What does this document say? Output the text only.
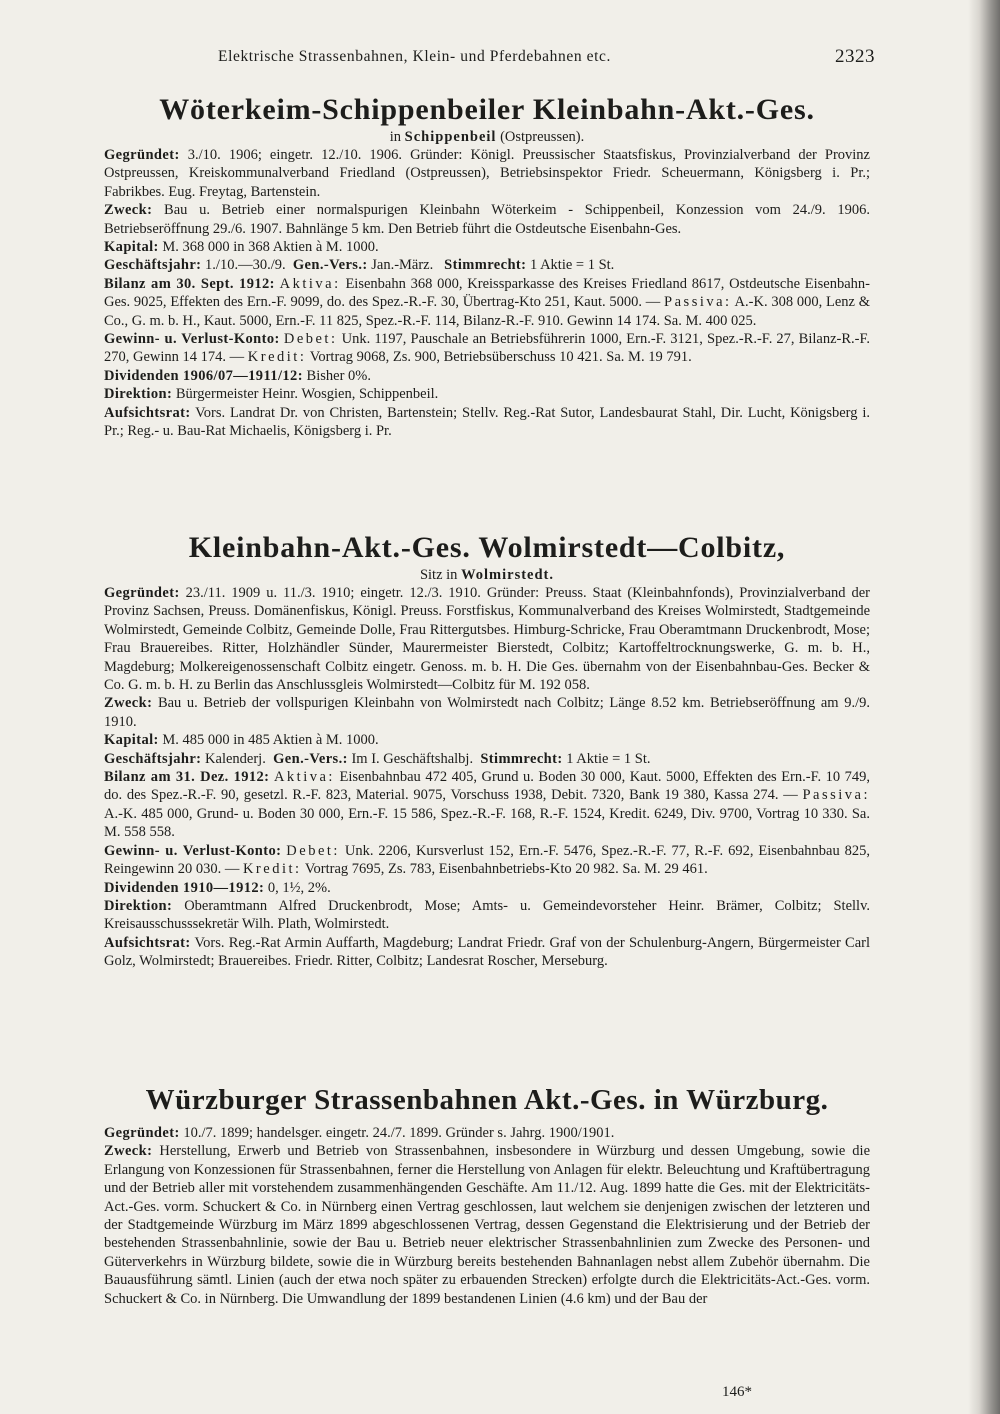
Elektrische Strassenbahnen, Klein- und Pferdebahnen etc.	2323
Wöterkeim-Schippenbeiler Kleinbahn-Akt.-Ges.

in Schippenbeil (Ostpreussen).

Gegründet: 3./10. 1906; eingetr. 12./10. 1906. Gründer: Königl. Preussischer Staatsfiskus, Provinzialverband der Provinz Ostpreussen, Kreiskommunalverband Friedland (Ostpreussen), Betriebsinspektor Friedr. Scheuermann, Königsberg i. Pr.; Fabrikbes. Eug. Freytag, Bartenstein.

Zweck: Bau u. Betrieb einer normalspurigen Kleinbahn Wöterkeim - Schippenbeil, Konzession vom 24./9. 1906. Betriebseröffnung 29./6. 1907. Bahnlänge 5 km. Den Betrieb führt die Ostdeutsche Eisenbahn-Ges.

Kapital: M. 368 000 in 368 Aktien à M. 1000.

Geschäftsjahr: 1./10.—30./9. Gen.-Vers.: Jan.-März. Stimmrecht: 1 Aktie = 1 St.

Bilanz am 30. Sept. 1912: Aktiva: Eisenbahn 368 000, Kreissparkasse des Kreises Friedland 8617, Ostdeutsche Eisenbahn-Ges. 9025, Effekten des Ern.-F. 9099, do. des Spez.-R.-F. 30, Übertrag-Kto 251, Kaut. 5000. — Passiva: A.-K. 308 000, Lenz & Co., G. m. b. H., Kaut. 5000, Ern.-F. 11 825, Spez.-R.-F. 114, Bilanz-R.-F. 910. Gewinn 14 174. Sa. M. 400 025.

Gewinn- u. Verlust-Konto: Debet: Unk. 1197, Pauschale an Betriebsführerin 1000, Ern.-F. 3121, Spez.-R.-F. 27, Bilanz-R.-F. 270, Gewinn 14 174. — Kredit: Vortrag 9068, Zs. 900, Betriebsüberschuss 10 421. Sa. M. 19 791.

Dividenden 1906/07—1911/12: Bisher 0%.

Direktion: Bürgermeister Heinr. Wosgien, Schippenbeil.

Aufsichtsrat: Vors. Landrat Dr. von Christen, Bartenstein; Stellv. Reg.-Rat Sutor, Landesbaurat Stahl, Dir. Lucht, Königsberg i. Pr.; Reg.- u. Bau-Rat Michaelis, Königsberg i. Pr.

Kleinbahn-Akt.-Ges. Wolmirstedt—Colbitz,

Sitz in Wolmirstedt.

Gegründet: 23./11. 1909 u. 11./3. 1910; eingetr. 12./3. 1910. Gründer: Preuss. Staat (Kleinbahnfonds), Provinzialverband der Provinz Sachsen, Preuss. Domänenfiskus, Königl. Preuss. Forstfiskus, Kommunalverband des Kreises Wolmirstedt, Stadtgemeinde Wolmirstedt, Gemeinde Colbitz, Gemeinde Dolle, Frau Rittergutsbes. Himburg-Schricke, Frau Oberamtmann Druckenbrodt, Mose; Frau Brauereibes. Ritter, Holzhändler Sünder, Maurermeister Bierstedt, Colbitz; Kartoffeltrocknungswerke, G. m. b. H., Magdeburg; Molkereigenossenschaft Colbitz eingetr. Genoss. m. b. H. Die Ges. übernahm von der Eisenbahnbau-Ges. Becker & Co. G. m. b. H. zu Berlin das Anschlussgleis Wolmirstedt—Colbitz für M. 192 058.

Zweck: Bau u. Betrieb der vollspurigen Kleinbahn von Wolmirstedt nach Colbitz; Länge 8.52 km. Betriebseröffnung am 9./9. 1910.

Kapital: M. 485 000 in 485 Aktien à M. 1000.

Geschäftsjahr: Kalenderj. Gen.-Vers.: Im I. Geschäftshalbj. Stimmrecht: 1 Aktie = 1 St.

Bilanz am 31. Dez. 1912: Aktiva: Eisenbahnbau 472 405, Grund u. Boden 30 000, Kaut. 5000, Effekten des Ern.-F. 10 749, do. des Spez.-R.-F. 90, gesetzl. R.-F. 823, Material. 9075, Vorschuss 1938, Debit. 7320, Bank 19 380, Kassa 274. — Passiva: A.-K. 485 000, Grund- u. Boden 30 000, Ern.-F. 15 586, Spez.-R.-F. 168, R.-F. 1524, Kredit. 6249, Div. 9700, Vortrag 10 330. Sa. M. 558 558.

Gewinn- u. Verlust-Konto: Debet: Unk. 2206, Kursverlust 152, Ern.-F. 5476, Spez.-R.-F. 77, R.-F. 692, Eisenbahnbau 825, Reingewinn 20 030. — Kredit: Vortrag 7695, Zs. 783, Eisenbahnbetriebs-Kto 20 982. Sa. M. 29 461.

Dividenden 1910—1912: 0, 1½, 2%.

Direktion: Oberamtmann Alfred Druckenbrodt, Mose; Amts- u. Gemeindevorsteher Heinr. Brämer, Colbitz; Stellv. Kreisausschusssekretär Wilh. Plath, Wolmirstedt.

Aufsichtsrat: Vors. Reg.-Rat Armin Auffarth, Magdeburg; Landrat Friedr. Graf von der Schulenburg-Angern, Bürgermeister Carl Golz, Wolmirstedt; Brauereibes. Friedr. Ritter, Colbitz; Landesrat Roscher, Merseburg.

Würzburger Strassenbahnen Akt.-Ges. in Würzburg.

Gegründet: 10./7. 1899; handelsger. eingetr. 24./7. 1899. Gründer s. Jahrg. 1900/1901.

Zweck: Herstellung, Erwerb und Betrieb von Strassenbahnen, insbesondere in Würzburg und dessen Umgebung, sowie die Erlangung von Konzessionen für Strassenbahnen, ferner die Herstellung von Anlagen für elektr. Beleuchtung und Kraftübertragung und der Betrieb aller mit vorstehendem zusammenhängenden Geschäfte. Am 11./12. Aug. 1899 hatte die Ges. mit der Elektricitäts-Act.-Ges. vorm. Schuckert & Co. in Nürnberg einen Vertrag geschlossen, laut welchem sie denjenigen zwischen der letzteren und der Stadtgemeinde Würzburg im März 1899 abgeschlossenen Vertrag, dessen Gegenstand die Elektrisierung und der Betrieb der bestehenden Strassenbahnlinie, sowie der Bau u. Betrieb neuer elektrischer Strassenbahnlinien zum Zwecke des Personen- und Güterverkehrs in Würzburg bildete, sowie die in Würzburg bereits bestehenden Bahnanlagen nebst allem Zubehör übernahm. Die Bauausführung sämtl. Linien (auch der etwa noch später zu erbauenden Strecken) erfolgte durch die Elektricitäts-Act.-Ges. vorm. Schuckert & Co. in Nürnberg. Die Umwandlung der 1899 bestandenen Linien (4.6 km) und der Bau der

146*
